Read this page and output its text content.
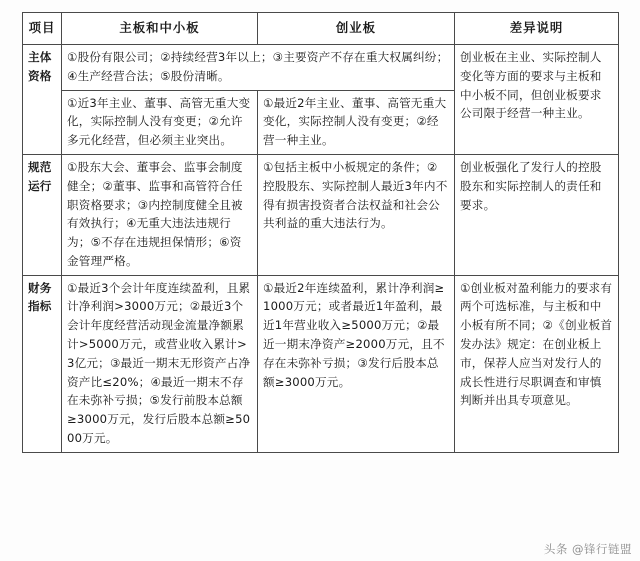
项目	主板和中小板	创业板	差异说明
主体资格	①股份有限公司；②持续经营3年以上；③主要资产不存在重大权属纠纷；④生产经营合法；⑤股份清晰。		创业板在主业、实际控制人变化等方面的要求与主板和中小板不同，但创业板要求公司限于经营一种主业。
	①近3年主业、董事、高管无重大变化，实际控制人没有变更；②允许多元化经营，但必须主业突出。	①最近2年主业、董事、高管无重大变化，实际控制人没有变更；②经营一种主业。	
规范运行	①股东大会、董事会、监事会制度健全；②董事、监事和高管符合任职资格要求；③内控制度健全且被有效执行；④无重大违法违规行为；⑤不存在违规担保情形；⑥资金管理严格。	①包括主板中小板规定的条件；②控股股东、实际控制人最近3年内不得有损害投资者合法权益和社会公共利益的重大违法行为。	创业板强化了发行人的控股股东和实际控制人的责任和要求。
财务指标	①最近3个会计年度连续盈利，且累计净利润>3000万元；②最近3个会计年度经营活动现金流量净额累计>5000万元，或营业收入累计>3亿元；③最近一期末无形资产占净资产比≤20%；④最近一期末不存在未弥补亏损；⑤发行前股本总额≥3000万元，发行后股本总额≥5000万元。	①最近2年连续盈利，累计净利润≥1000万元；或者最近1年盈利，最近1年营业收入≥5000万元；②最近一期末净资产≥2000万元，且不存在未弥补亏损；③发行后股本总额≥3000万元。	①创业板对盈利能力的要求有两个可选标准，与主板和中小板有所不同；②《创业板首发办法》规定：在创业板上市，保荐人应当对发行人的成长性进行尽职调查和审慎判断并出具专项意见。
头条 @锋行链盟
